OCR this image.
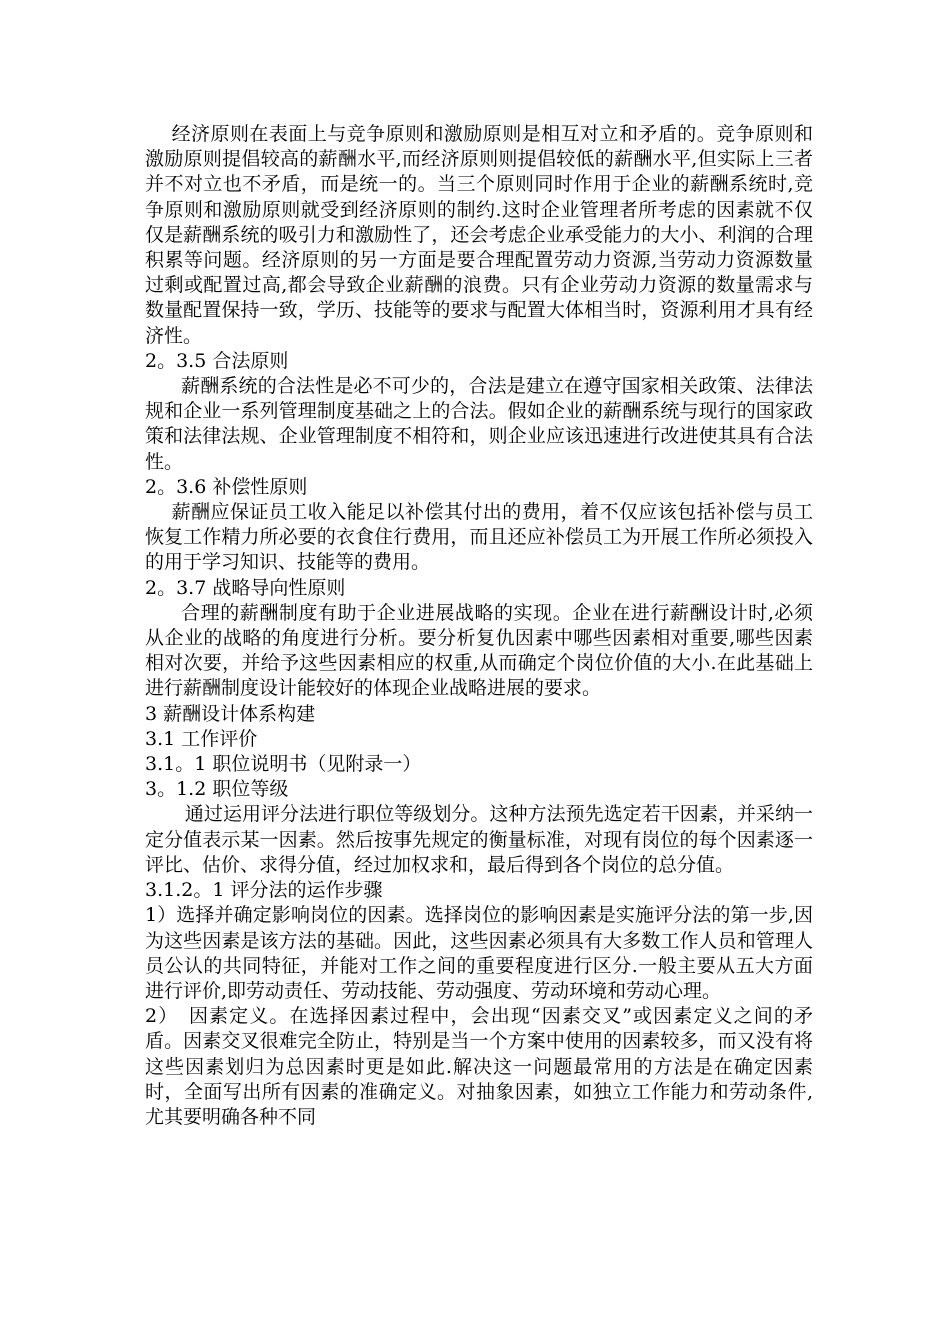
经济原则在表面上与竞争原则和激励原则是相互对立和矛盾的。竞争原则和激励原则提倡较高的薪酬水平,而经济原则则提倡较低的薪酬水平,但实际上三者并不对立也不矛盾，而是统一的。当三个原则同时作用于企业的薪酬系统时,竞争原则和激励原则就受到经济原则的制约.这时企业管理者所考虑的因素就不仅仅是薪酬系统的吸引力和激励性了，还会考虑企业承受能力的大小、利润的合理积累等问题。经济原则的另一方面是要合理配置劳动力资源,当劳动力资源数量过剩或配置过高,都会导致企业薪酬的浪费。只有企业劳动力资源的数量需求与数量配置保持一致，学历、技能等的要求与配置大体相当时，资源利用才具有经济性。

2。3.5 合法原则

薪酬系统的合法性是必不可少的，合法是建立在遵守国家相关政策、法律法规和企业一系列管理制度基础之上的合法。假如企业的薪酬系统与现行的国家政策和法律法规、企业管理制度不相符和，则企业应该迅速进行改进使其具有合法性。

2。3.6 补偿性原则

薪酬应保证员工收入能足以补偿其付出的费用，着不仅应该包括补偿与员工恢复工作精力所必要的衣食住行费用，而且还应补偿员工为开展工作所必须投入的用于学习知识、技能等的费用。

2。3.7 战略导向性原则

合理的薪酬制度有助于企业进展战略的实现。企业在进行薪酬设计时,必须从企业的战略的角度进行分析。要分析复仇因素中哪些因素相对重要,哪些因素相对次要，并给予这些因素相应的权重,从而确定个岗位价值的大小.在此基础上进行薪酬制度设计能较好的体现企业战略进展的要求。

3 薪酬设计体系构建

3.1 工作评价

3.1。1 职位说明书（见附录一）

3。1.2 职位等级

通过运用评分法进行职位等级划分。这种方法预先选定若干因素，并采纳一定分值表示某一因素。然后按事先规定的衡量标准，对现有岗位的每个因素逐一评比、估价、求得分值，经过加权求和，最后得到各个岗位的总分值。

3.1.2。1 评分法的运作步骤

1）选择并确定影响岗位的因素。选择岗位的影响因素是实施评分法的第一步,因为这些因素是该方法的基础。因此，这些因素必须具有大多数工作人员和管理人员公认的共同特征，并能对工作之间的重要程度进行区分.一般主要从五大方面进行评价,即劳动责任、劳动技能、劳动强度、劳动环境和劳动心理。

2）　因素定义。在选择因素过程中，会出现“因素交叉”或因素定义之间的矛盾。因素交叉很难完全防止，特别是当一个方案中使用的因素较多，而又没有将这些因素划归为总因素时更是如此.解决这一问题最常用的方法是在确定因素时，全面写出所有因素的准确定义。对抽象因素，如独立工作能力和劳动条件,尤其要明确各种不同
